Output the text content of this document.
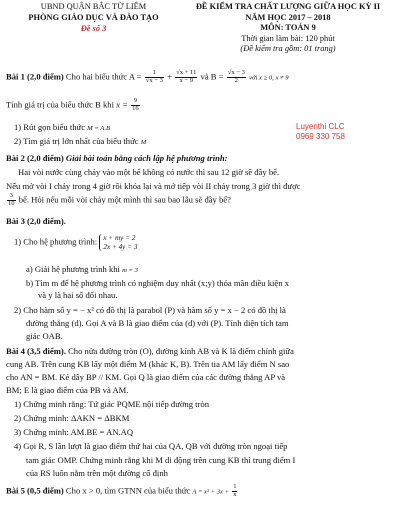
UBND QUẬN BẮC TỪ LIÊM
PHÒNG GIÁO DỤC VÀ ĐÀO TẠO
Đề số 3
ĐỀ KIỂM TRA CHẤT LƯỢNG GIỮA HỌC KỲ II
NĂM HỌC 2017 – 2018
MÔN: TOÁN 9
Thời gian làm bài: 120 phút
(Đề kiểm tra gồm: 01 trang)
Luyenthi CLC
0969 330 758
Bài 1 (2,0 điểm) Cho hai biểu thức $A = \frac{1}{√x - 3} + \frac{√x + 11}{x - 9}$ và $B = \frac{√x - 3}{2}$ với x ≥ 0, x ≠ 9
Tính giá trị của biểu thức B khi $x = \frac{9}{16}$
1) Rút gọn biểu thức M = A.B
2) Tìm giá trị lớn nhất của biểu thức M
Bài 2 (2,0 điểm) Giải bài toán bằng cách lập hệ phương trình:
Hai vòi nước cùng chảy vào một bể không có nước thì sau 12 giờ sẽ đầy bể.
Nếu mở vòi I chảy trong 4 giờ rồi khóa lại và mở tiếp vòi II chảy trong 3 giờ thì được
$\frac{3}{10}$ bể. Hỏi nếu mỗi vòi chảy một mình thì sau bao lâu sẽ đầy bể?
Bài 3 (2,0 điểm).
1) Cho hệ phương trình: x + my = 2
2x + 4y = 3
a) Giải hệ phương trình khi m = 3
b) Tìm m để hệ phương trình có nghiệm duy nhất (x;y) thỏa mãn điều kiện x
và y là hai số đối nhau.
2) Cho hàm số y = − x² có đồ thị là parabol (P) và hàm số y = x − 2 có đồ thị là
đường thẳng (d). Gọi A và B là giao điểm của (d) với (P). Tính diện tích tam
giác OAB.
Bài 4 (3,5 điểm). Cho nửa đường tròn (O), đường kính AB và K là điểm chính giữa
cung AB. Trên cung KB lấy một điểm M (khác K, B). Trên tia AM lấy điểm N sao
cho AN = BM. Kẻ dây BP // KM. Gọi Q là giao điểm của các đường thẳng AP và
BM; E là giao điểm của PB và AM.
1) Chứng minh rằng: Tứ giác PQME nội tiếp đường tròn
2) Chứng minh: ΔAKN = ΔBKM
3) Chứng minh: AM.BE = AN.AQ
4) Gọi R, S lần lượt là giao điểm thứ hai của QA, QB với đường tròn ngoại tiếp
tam giác OMP. Chứng minh rằng khi M di động trên cung KB thì trung điểm I
của RS luôn nằm trên một đường cố định
Bài 5 (0,5 điểm) Cho x > 0, tìm GTNN của biểu thức $A = x^2 + 3x + \frac{1}{x}$
